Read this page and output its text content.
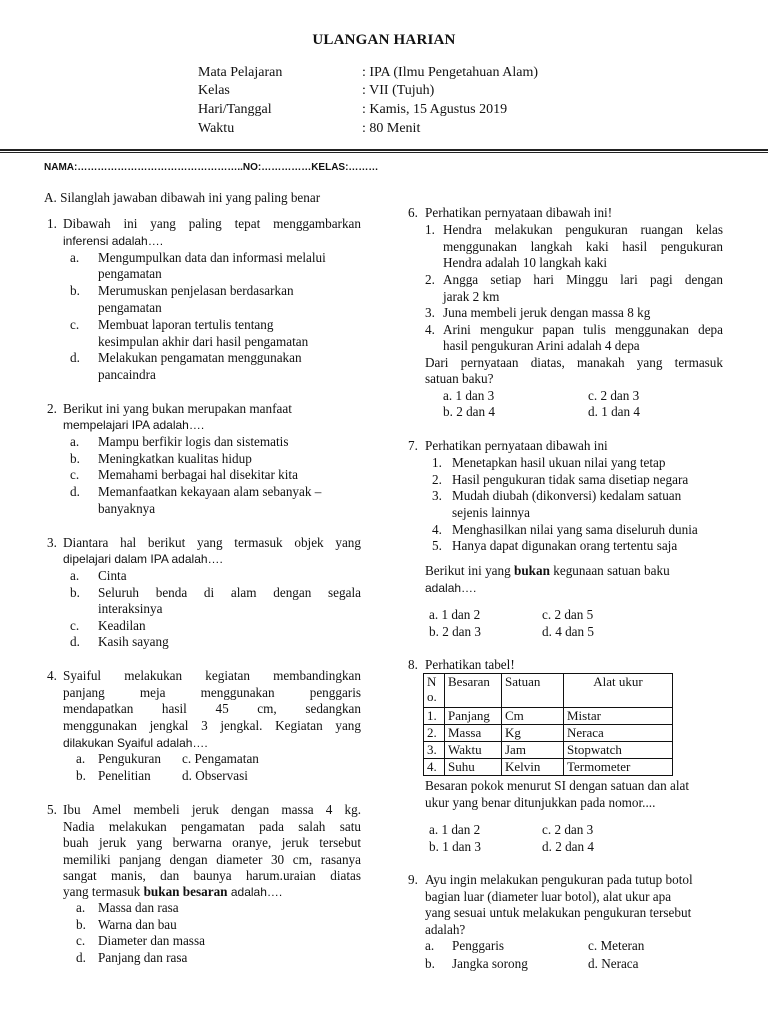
ULANGAN HARIAN
Mata Pelajaran	: IPA (Ilmu Pengetahuan Alam)
Kelas	: VII (Tujuh)
Hari/Tanggal	: Kamis, 15 Agustus 2019
Waktu	: 80 Menit
NAMA:…………………………………………..NO:……………KELAS:………
A. Silanglah jawaban dibawah ini yang paling benar
1. Dibawah ini yang paling tepat menggambarkan
inferensi adalah….
a. Mengumpulkan data dan informasi melalui
pengamatan
b. Merumuskan penjelasan berdasarkan
pengamatan
c. Membuat laporan tertulis tentang
kesimpulan akhir dari hasil pengamatan
d. Melakukan pengamatan menggunakan
pancaindra
2. Berikut ini yang bukan merupakan manfaat
mempelajari IPA adalah….
a. Mampu berfikir logis dan sistematis
b. Meningkatkan kualitas hidup
c. Memahami berbagai hal disekitar kita
d. Memanfaatkan kekayaan alam sebanyak –
banyaknya
3. Diantara hal berikut yang termasuk objek yang
dipelajari dalam IPA adalah….
a. Cinta
b. Seluruh benda di alam dengan segala
interaksinya
c. Keadilan
d. Kasih sayang
4. Syaiful melakukan kegiatan membandingkan
panjang meja menggunakan penggaris
mendapatkan hasil 45 cm, sedangkan
menggunakan jengkal 3 jengkal. Kegiatan yang
dilakukan Syaiful adalah….
a. Pengukuran c. Pengamatan
b. Penelitian d. Observasi
5. Ibu Amel membeli jeruk dengan massa 4 kg.
Nadia melakukan pengamatan pada salah satu
buah jeruk yang berwarna oranye, jeruk tersebut
memiliki panjang dengan diameter 30 cm, rasanya
sangat manis, dan baunya harum.uraian diatas
yang termasuk bukan besaran adalah….
a. Massa dan rasa
b. Warna dan bau
c. Diameter dan massa
d. Panjang dan rasa
6. Perhatikan pernyataan dibawah ini!
1. Hendra melakukan pengukuran ruangan kelas
menggunakan langkah kaki hasil pengukuran
Hendra adalah 10 langkah kaki
2. Angga setiap hari Minggu lari pagi dengan
jarak 2 km
3. Juna membeli jeruk dengan massa 8 kg
4. Arini mengukur papan tulis menggunakan depa
hasil pengukuran Arini adalah 4 depa
Dari pernyataan diatas, manakah yang termasuk
satuan baku?
a. 1 dan 3	c. 2 dan 3
b. 2 dan 4	d. 1 dan 4
7. Perhatikan pernyataan dibawah ini
1. Menetapkan hasil ukuan nilai yang tetap
2. Hasil pengukuran tidak sama disetiap negara
3. Mudah diubah (dikonversi) kedalam satuan
sejenis lainnya
4. Menghasilkan nilai yang sama diseluruh dunia
5. Hanya dapat digunakan orang tertentu saja
Berikut ini yang bukan kegunaan satuan baku
adalah….
a. 1 dan 2	c. 2 dan 5
b. 2 dan 3	d. 4 dan 5
8. Perhatikan tabel!
N o.	Besaran	Satuan	Alat ukur
1.	Panjang	Cm	Mistar
2.	Massa	Kg	Neraca
3.	Waktu	Jam	Stopwatch
4.	Suhu	Kelvin	Termometer
Besaran pokok menurut SI dengan satuan dan alat
ukur yang benar ditunjukkan pada nomor....
a. 1 dan 2	c. 2 dan 3
b. 1 dan 3	d. 2 dan 4
9. Ayu ingin melakukan pengukuran pada tutup botol
bagian luar (diameter luar botol), alat ukur apa
yang sesuai untuk melakukan pengukuran tersebut
adalah?
a. Penggaris	c. Meteran
b. Jangka sorong	d. Neraca
